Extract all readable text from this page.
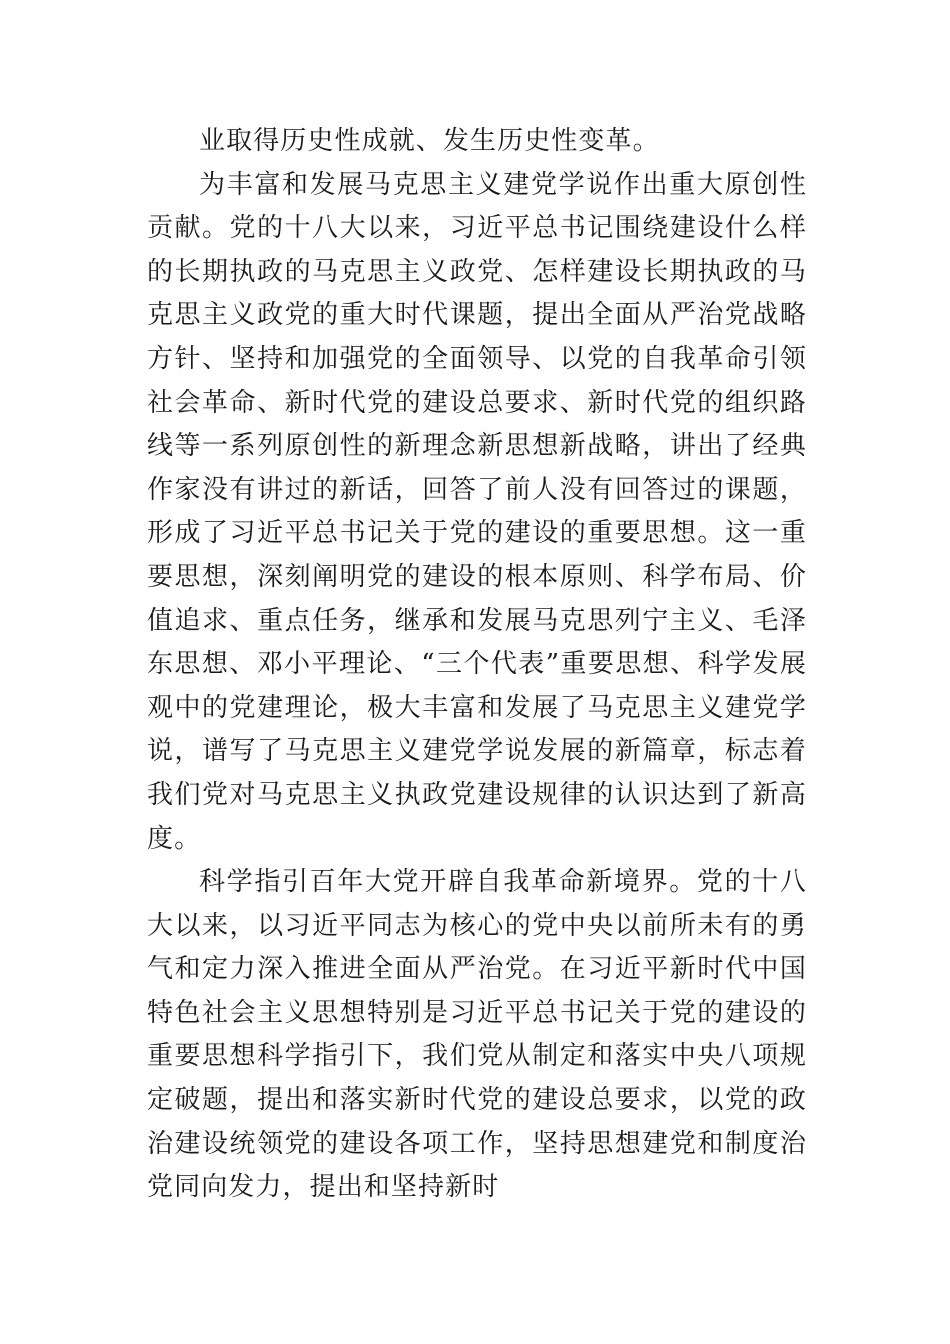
业取得历史性成就、发生历史性变革。

为丰富和发展马克思主义建党学说作出重大原创性贡献。党的十八大以来，习近平总书记围绕建设什么样的长期执政的马克思主义政党、怎样建设长期执政的马克思主义政党的重大时代课题，提出全面从严治党战略方针、坚持和加强党的全面领导、以党的自我革命引领社会革命、新时代党的建设总要求、新时代党的组织路线等一系列原创性的新理念新思想新战略，讲出了经典作家没有讲过的新话，回答了前人没有回答过的课题，形成了习近平总书记关于党的建设的重要思想。这一重要思想，深刻阐明党的建设的根本原则、科学布局、价值追求、重点任务，继承和发展马克思列宁主义、毛泽东思想、邓小平理论、“三个代表”重要思想、科学发展观中的党建理论，极大丰富和发展了马克思主义建党学说，谱写了马克思主义建党学说发展的新篇章，标志着我们党对马克思主义执政党建设规律的认识达到了新高度。

科学指引百年大党开辟自我革命新境界。党的十八大以来，以习近平同志为核心的党中央以前所未有的勇气和定力深入推进全面从严治党。在习近平新时代中国特色社会主义思想特别是习近平总书记关于党的建设的重要思想科学指引下，我们党从制定和落实中央八项规定破题，提出和落实新时代党的建设总要求，以党的政治建设统领党的建设各项工作，坚持思想建党和制度治党同向发力，提出和坚持新时
